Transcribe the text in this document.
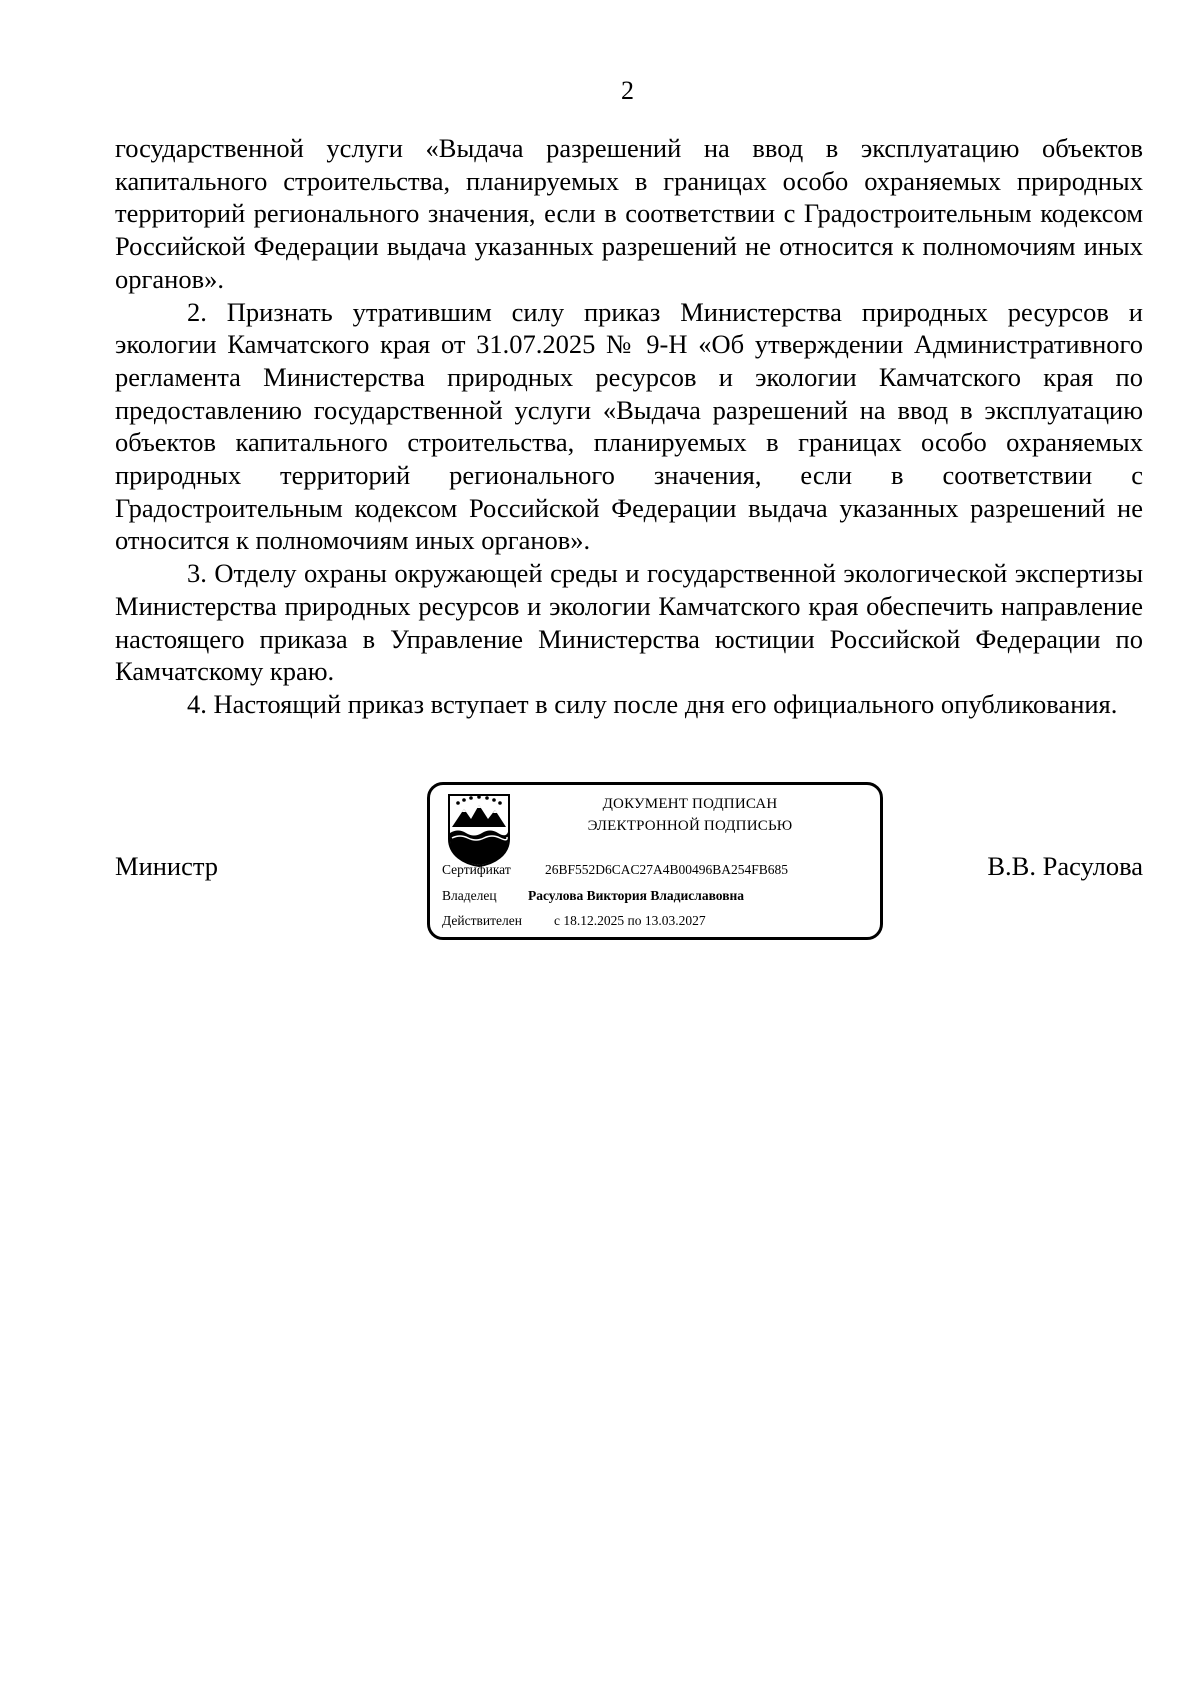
2

государственной услуги «Выдача разрешений на ввод в эксплуатацию объектов капитального строительства, планируемых в границах особо охраняемых природных территорий регионального значения, если в соответствии с Градостроительным кодексом Российской Федерации выдача указанных разрешений не относится к полномочиям иных органов».

2. Признать утратившим силу приказ Министерства природных ресурсов и экологии Камчатского края от 31.07.2025 № 9-Н «Об утверждении Административного регламента Министерства природных ресурсов и экологии Камчатского края по предоставлению государственной услуги «Выдача разрешений на ввод в эксплуатацию объектов капитального строительства, планируемых в границах особо охраняемых природных территорий регионального значения, если в соответствии с Градостроительным кодексом Российской Федерации выдача указанных разрешений не относится к полномочиям иных органов».

3. Отделу охраны окружающей среды и государственной экологической экспертизы Министерства природных ресурсов и экологии Камчатского края обеспечить направление настоящего приказа в Управление Министерства юстиции Российской Федерации по Камчатскому краю.

4. Настоящий приказ вступает в силу после дня его официального опубликования.

Министр
ДОКУМЕНТ ПОДПИСАН
ЭЛЕКТРОННОЙ ПОДПИСЬЮ
Сертификат	26BF552D6CAC27A4B00496BA254FB685
Владелец Расулова Виктория Владиславовна
Действителен с 18.12.2025 по 13.03.2027
В.В. Расулова
